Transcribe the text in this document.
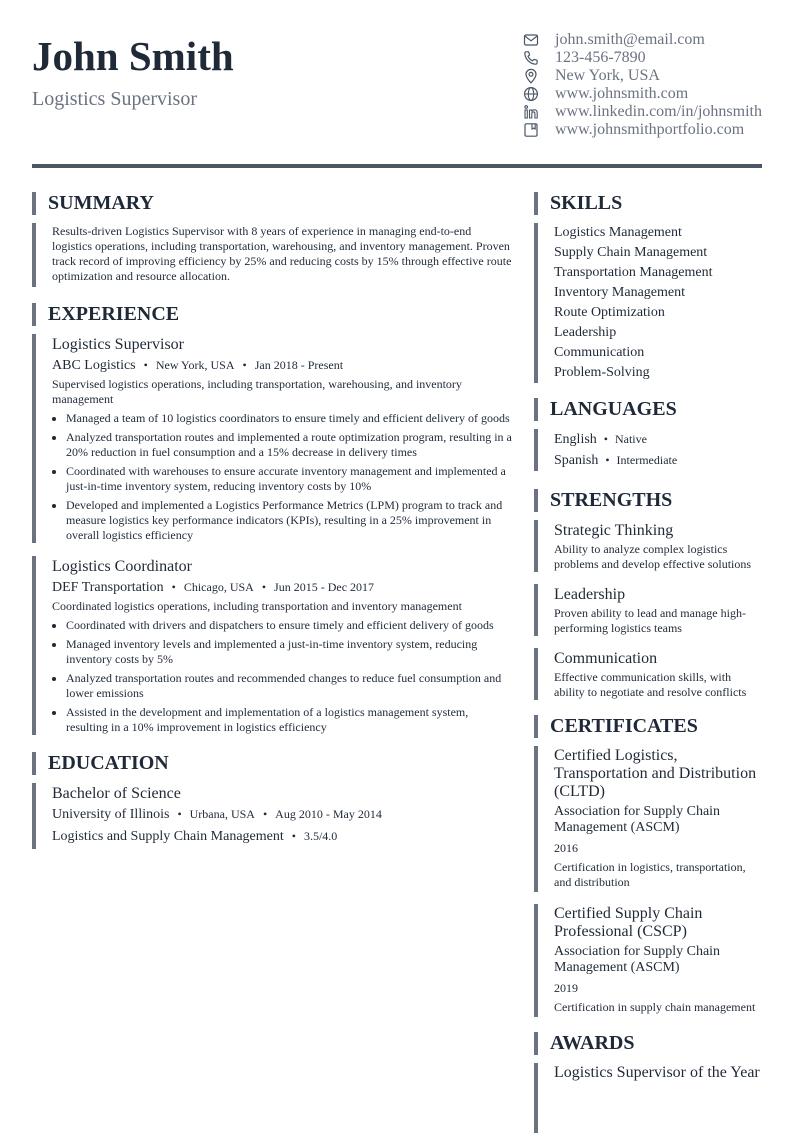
John Smith
Logistics Supervisor
john.smith@email.com
123-456-7890
New York, USA
www.johnsmith.com
www.linkedin.com/in/johnsmith
www.johnsmithportfolio.com
SUMMARY
Results-driven Logistics Supervisor with 8 years of experience in managing end-to-end logistics operations, including transportation, warehousing, and inventory management. Proven track record of improving efficiency by 25% and reducing costs by 15% through effective route optimization and resource allocation.
EXPERIENCE
Logistics Supervisor
ABC Logistics • New York, USA • Jan 2018 - Present
Supervised logistics operations, including transportation, warehousing, and inventory management
• Managed a team of 10 logistics coordinators to ensure timely and efficient delivery of goods
• Analyzed transportation routes and implemented a route optimization program, resulting in a 20% reduction in fuel consumption and a 15% decrease in delivery times
• Coordinated with warehouses to ensure accurate inventory management and implemented a just-in-time inventory system, reducing inventory costs by 10%
• Developed and implemented a Logistics Performance Metrics (LPM) program to track and measure logistics key performance indicators (KPIs), resulting in a 25% improvement in overall logistics efficiency
Logistics Coordinator
DEF Transportation • Chicago, USA • Jun 2015 - Dec 2017
Coordinated logistics operations, including transportation and inventory management
• Coordinated with drivers and dispatchers to ensure timely and efficient delivery of goods
• Managed inventory levels and implemented a just-in-time inventory system, reducing inventory costs by 5%
• Analyzed transportation routes and recommended changes to reduce fuel consumption and lower emissions
• Assisted in the development and implementation of a logistics management system, resulting in a 10% improvement in logistics efficiency
EDUCATION
Bachelor of Science
University of Illinois • Urbana, USA • Aug 2010 - May 2014
Logistics and Supply Chain Management • 3.5/4.0
SKILLS
Logistics Management
Supply Chain Management
Transportation Management
Inventory Management
Route Optimization
Leadership
Communication
Problem-Solving
LANGUAGES
English • Native
Spanish • Intermediate
STRENGTHS
Strategic Thinking
Ability to analyze complex logistics problems and develop effective solutions
Leadership
Proven ability to lead and manage high-performing logistics teams
Communication
Effective communication skills, with ability to negotiate and resolve conflicts
CERTIFICATES
Certified Logistics, Transportation and Distribution (CLTD)
Association for Supply Chain Management (ASCM)
2016
Certification in logistics, transportation, and distribution
Certified Supply Chain Professional (CSCP)
Association for Supply Chain Management (ASCM)
2019
Certification in supply chain management
AWARDS
Logistics Supervisor of the Year
